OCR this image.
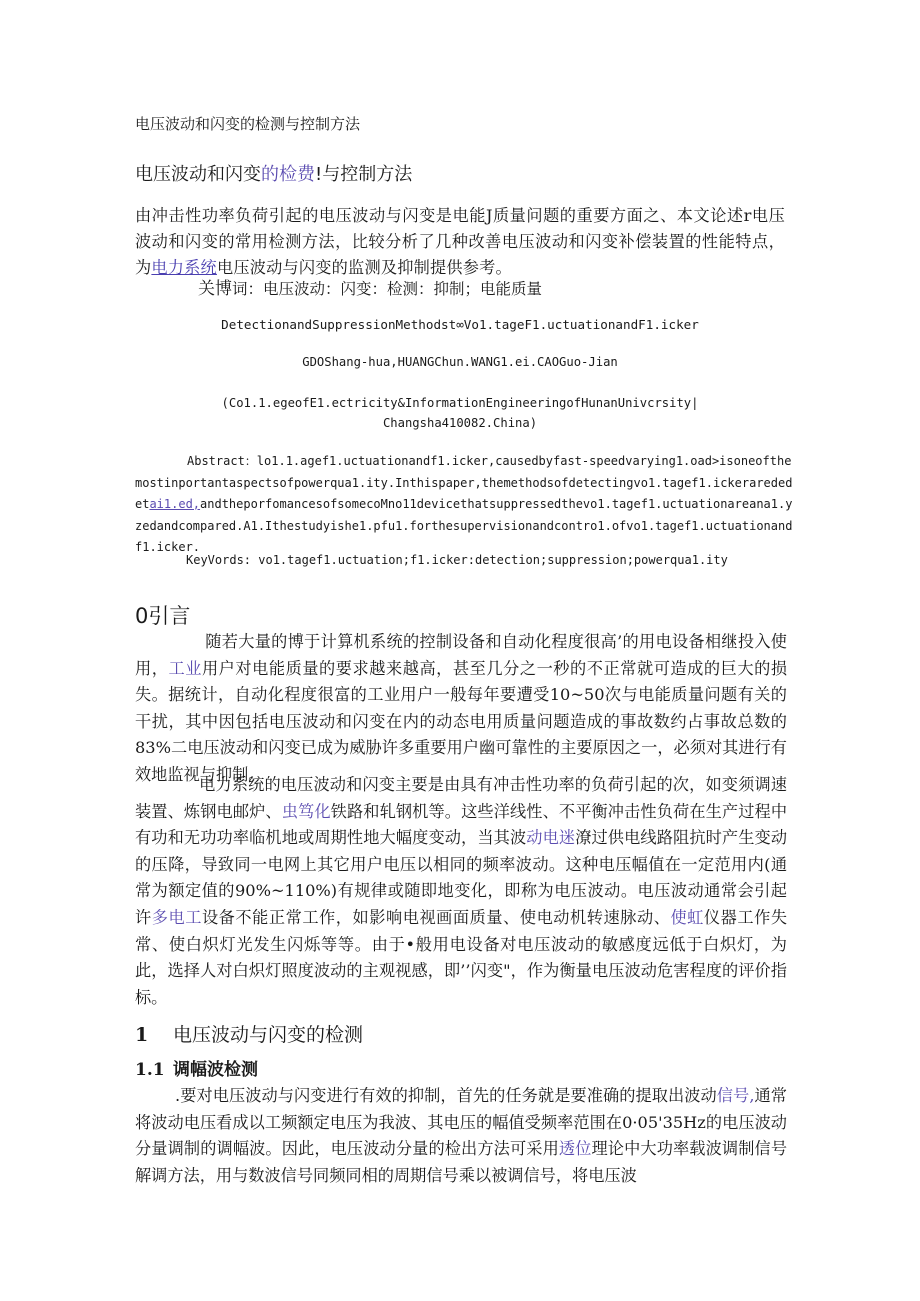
电压波动和闪变的检测与控制方法
电压波动和闪变的检费!与控制方法
由冲击性功率负荷引起的电压波动与闪变是电能J质量问题的重要方面之、本文论述r电压波动和闪变的常用检测方法，比较分析了几种改善电压波动和闪变补偿装置的性能特点，为电力系统电压波动与闪变的监测及抑制提供参考。
关博词：电压波动：闪变：检测：抑制；电能质量
DetectionandSuppressionMethodst∞Vo1.tageF1.uctuationandF1.icker
GDOShang-hua,HUANGChun.WANG1.ei.CAOGuo-Jian
(Co1.1.egeofE1.ectricity&InformationEngineeringofHunanUnivcrsity|
Changsha410082.China)
Abstract：lo1.1.agef1.uctuationandf1.icker,causedbyfast-speedvarying1.oad>isoneofthemostinportantaspectsofpowerqua1.ity.Inthispaper,themethodsofdetectingvo1.tagef1.ickerarededetai1.ed,andtheporfomancesofsomecoMno11devicethatsuppressedthevo1.tagef1.uctuationareana1.yzedandcompared.A1.Ithestudyishe1.pfu1.forthesupervisionandcontro1.ofvo1.tagef1.uctuationandf1.icker.
KeyVords: vo1.tagef1.uctuation;f1.icker:detection;suppression;powerqua1.ity
0引言
随若大量的博于计算机系统的控制设备和自动化程度很高’的用电设备相继投入使用，工业用户对电能质量的要求越来越高，甚至几分之一秒的不正常就可造成的巨大的损失。据统计，自动化程度很富的工业用户一般每年要遭受10~50次与电能质量问题有关的干扰，其中因包括电压波动和闪变在内的动态电用质量问题造成的事故数约占事故总数的83%二电压波动和闪变已成为威胁许多重要用户幽可靠性的主要原因之一，必须对其进行有效地监视与抑制。
电力系统的电压波动和闪变主要是由具有冲击性功率的负荷引起的次，如变须调速装置、炼钢电邮炉、虫笃化铁路和轧钢机等。这些洋线性、不平衡冲击性负荷在生产过程中有功和无功功率临机地或周期性地大幅度变动，当其波动电迷潦过供电线路阻抗时产生变动的压降，导致同一电网上其它用户电压以相同的频率波动。这种电压幅值在一定范用内(通常为额定值的90%~110%)有规律或随即地变化，即称为电压波动。电压波动通常会引起许多电工设备不能正常工作，如影响电视画面质量、使电动机转速脉动、使虹仪器工作失常、使白炽灯光发生闪烁等等。由于•般用电设备对电压波动的敏感度远低于白炽灯，为此，选择人对白炽灯照度波动的主观视感，即’’闪变"，作为衡量电压波动危害程度的评价指标。
1 电压波动与闪变的检测
1.1 调幅波检测
.要对电压波动与闪变进行有效的抑制，首先的任务就是要准确的提取出波动信号,通常将波动电压看成以工频额定电压为我波、其电压的幅值受频率范围在0·05'35Hz的电压波动分量调制的调幅波。因此，电压波动分量的检出方法可采用透位理论中大功率载波调制信号解调方法，用与数波信号同频同相的周期信号乘以被调信号，将电压波
